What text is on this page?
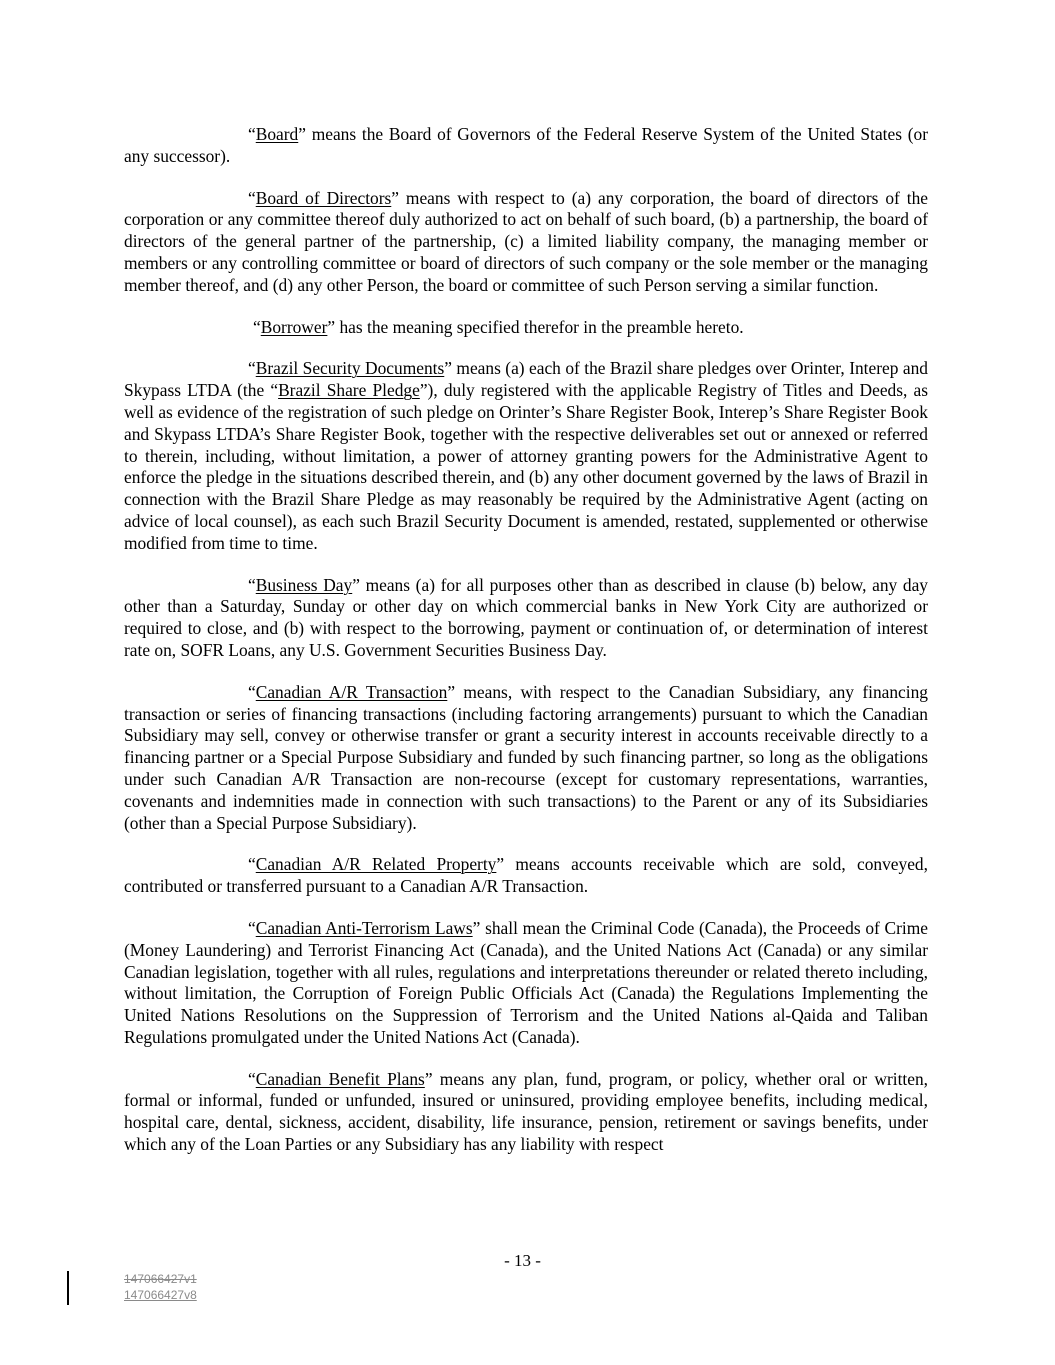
“Board” means the Board of Governors of the Federal Reserve System of the United States (or any successor).

“Board of Directors” means with respect to (a) any corporation, the board of directors of the corporation or any committee thereof duly authorized to act on behalf of such board, (b) a partnership, the board of directors of the general partner of the partnership, (c) a limited liability company, the managing member or members or any controlling committee or board of directors of such company or the sole member or the managing member thereof, and (d) any other Person, the board or committee of such Person serving a similar function.

“Borrower” has the meaning specified therefor in the preamble hereto.

“Brazil Security Documents” means (a) each of the Brazil share pledges over Orinter, Interep and Skypass LTDA (the “Brazil Share Pledge”), duly registered with the applicable Registry of Titles and Deeds, as well as evidence of the registration of such pledge on Orinter’s Share Register Book, Interep’s Share Register Book and Skypass LTDA’s Share Register Book, together with the respective deliverables set out or annexed or referred to therein, including, without limitation, a power of attorney granting powers for the Administrative Agent to enforce the pledge in the situations described therein, and (b) any other document governed by the laws of Brazil in connection with the Brazil Share Pledge as may reasonably be required by the Administrative Agent (acting on advice of local counsel), as each such Brazil Security Document is amended, restated, supplemented or otherwise modified from time to time.

“Business Day” means (a) for all purposes other than as described in clause (b) below, any day other than a Saturday, Sunday or other day on which commercial banks in New York City are authorized or required to close, and (b) with respect to the borrowing, payment or continuation of, or determination of interest rate on, SOFR Loans, any U.S. Government Securities Business Day.

“Canadian A/R Transaction” means, with respect to the Canadian Subsidiary, any financing transaction or series of financing transactions (including factoring arrangements) pursuant to which the Canadian Subsidiary may sell, convey or otherwise transfer or grant a security interest in accounts receivable directly to a financing partner or a Special Purpose Subsidiary and funded by such financing partner, so long as the obligations under such Canadian A/R Transaction are non-recourse (except for customary representations, warranties, covenants and indemnities made in connection with such transactions) to the Parent or any of its Subsidiaries (other than a Special Purpose Subsidiary).

“Canadian A/R Related Property” means accounts receivable which are sold, conveyed, contributed or transferred pursuant to a Canadian A/R Transaction.

“Canadian Anti-Terrorism Laws” shall mean the Criminal Code (Canada), the Proceeds of Crime (Money Laundering) and Terrorist Financing Act (Canada), and the United Nations Act (Canada) or any similar Canadian legislation, together with all rules, regulations and interpretations thereunder or related thereto including, without limitation, the Corruption of Foreign Public Officials Act (Canada) the Regulations Implementing the United Nations Resolutions on the Suppression of Terrorism and the United Nations al-Qaida and Taliban Regulations promulgated under the United Nations Act (Canada).

“Canadian Benefit Plans” means any plan, fund, program, or policy, whether oral or written, formal or informal, funded or unfunded, insured or uninsured, providing employee benefits, including medical, hospital care, dental, sickness, accident, disability, life insurance, pension, retirement or savings benefits, under which any of the Loan Parties or any Subsidiary has any liability with respect

- 13 -
147066427v1
147066427v8
